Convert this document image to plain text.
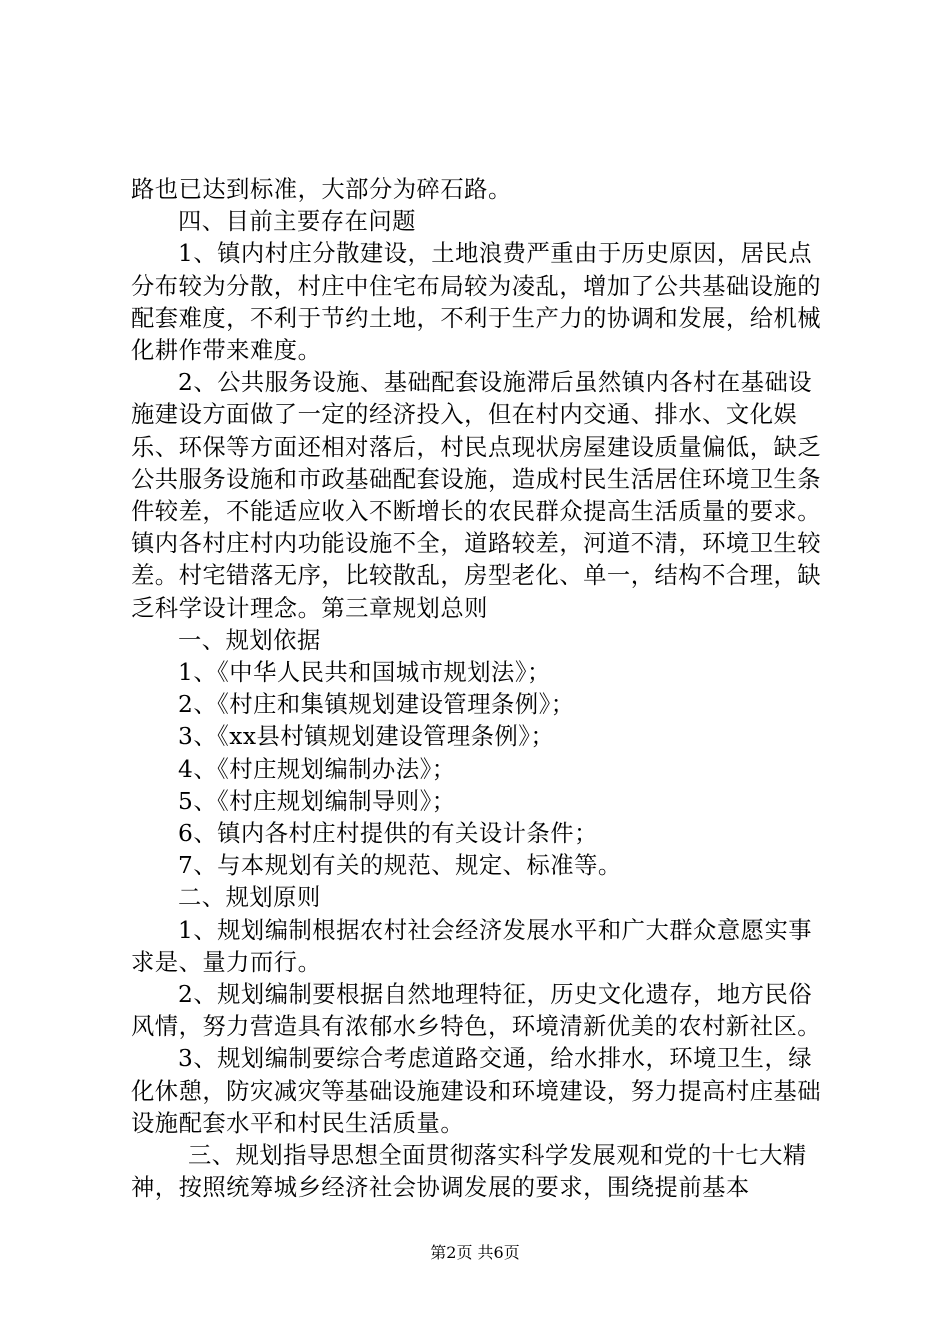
路也已达到标准，大部分为碎石路。

四、目前主要存在问题

1、镇内村庄分散建设，土地浪费严重由于历史原因，居民点分布较为分散，村庄中住宅布局较为凌乱，增加了公共基础设施的配套难度，不利于节约土地，不利于生产力的协调和发展，给机械化耕作带来难度。

2、公共服务设施、基础配套设施滞后虽然镇内各村在基础设施建设方面做了一定的经济投入，但在村内交通、排水、文化娱乐、环保等方面还相对落后，村民点现状房屋建设质量偏低，缺乏公共服务设施和市政基础配套设施，造成村民生活居住环境卫生条件较差，不能适应收入不断增长的农民群众提高生活质量的要求。镇内各村庄村内功能设施不全，道路较差，河道不清，环境卫生较差。村宅错落无序，比较散乱，房型老化、单一，结构不合理，缺乏科学设计理念。第三章规划总则

一、规划依据

1、《中华人民共和国城市规划法》；

2、《村庄和集镇规划建设管理条例》；

3、《xx县村镇规划建设管理条例》；

4、《村庄规划编制办法》；

5、《村庄规划编制导则》；

6、镇内各村庄村提供的有关设计条件；

7、与本规划有关的规范、规定、标准等。

二、规划原则

1、规划编制根据农村社会经济发展水平和广大群众意愿实事求是、量力而行。

2、规划编制要根据自然地理特征，历史文化遗存，地方民俗风情，努力营造具有浓郁水乡特色，环境清新优美的农村新社区。

3、规划编制要综合考虑道路交通，给水排水，环境卫生，绿化休憩，防灾减灾等基础设施建设和环境建设，努力提高村庄基础设施配套水平和村民生活质量。

三、规划指导思想全面贯彻落实科学发展观和党的十七大精神，按照统筹城乡经济社会协调发展的要求，围绕提前基本

第2页 共6页
